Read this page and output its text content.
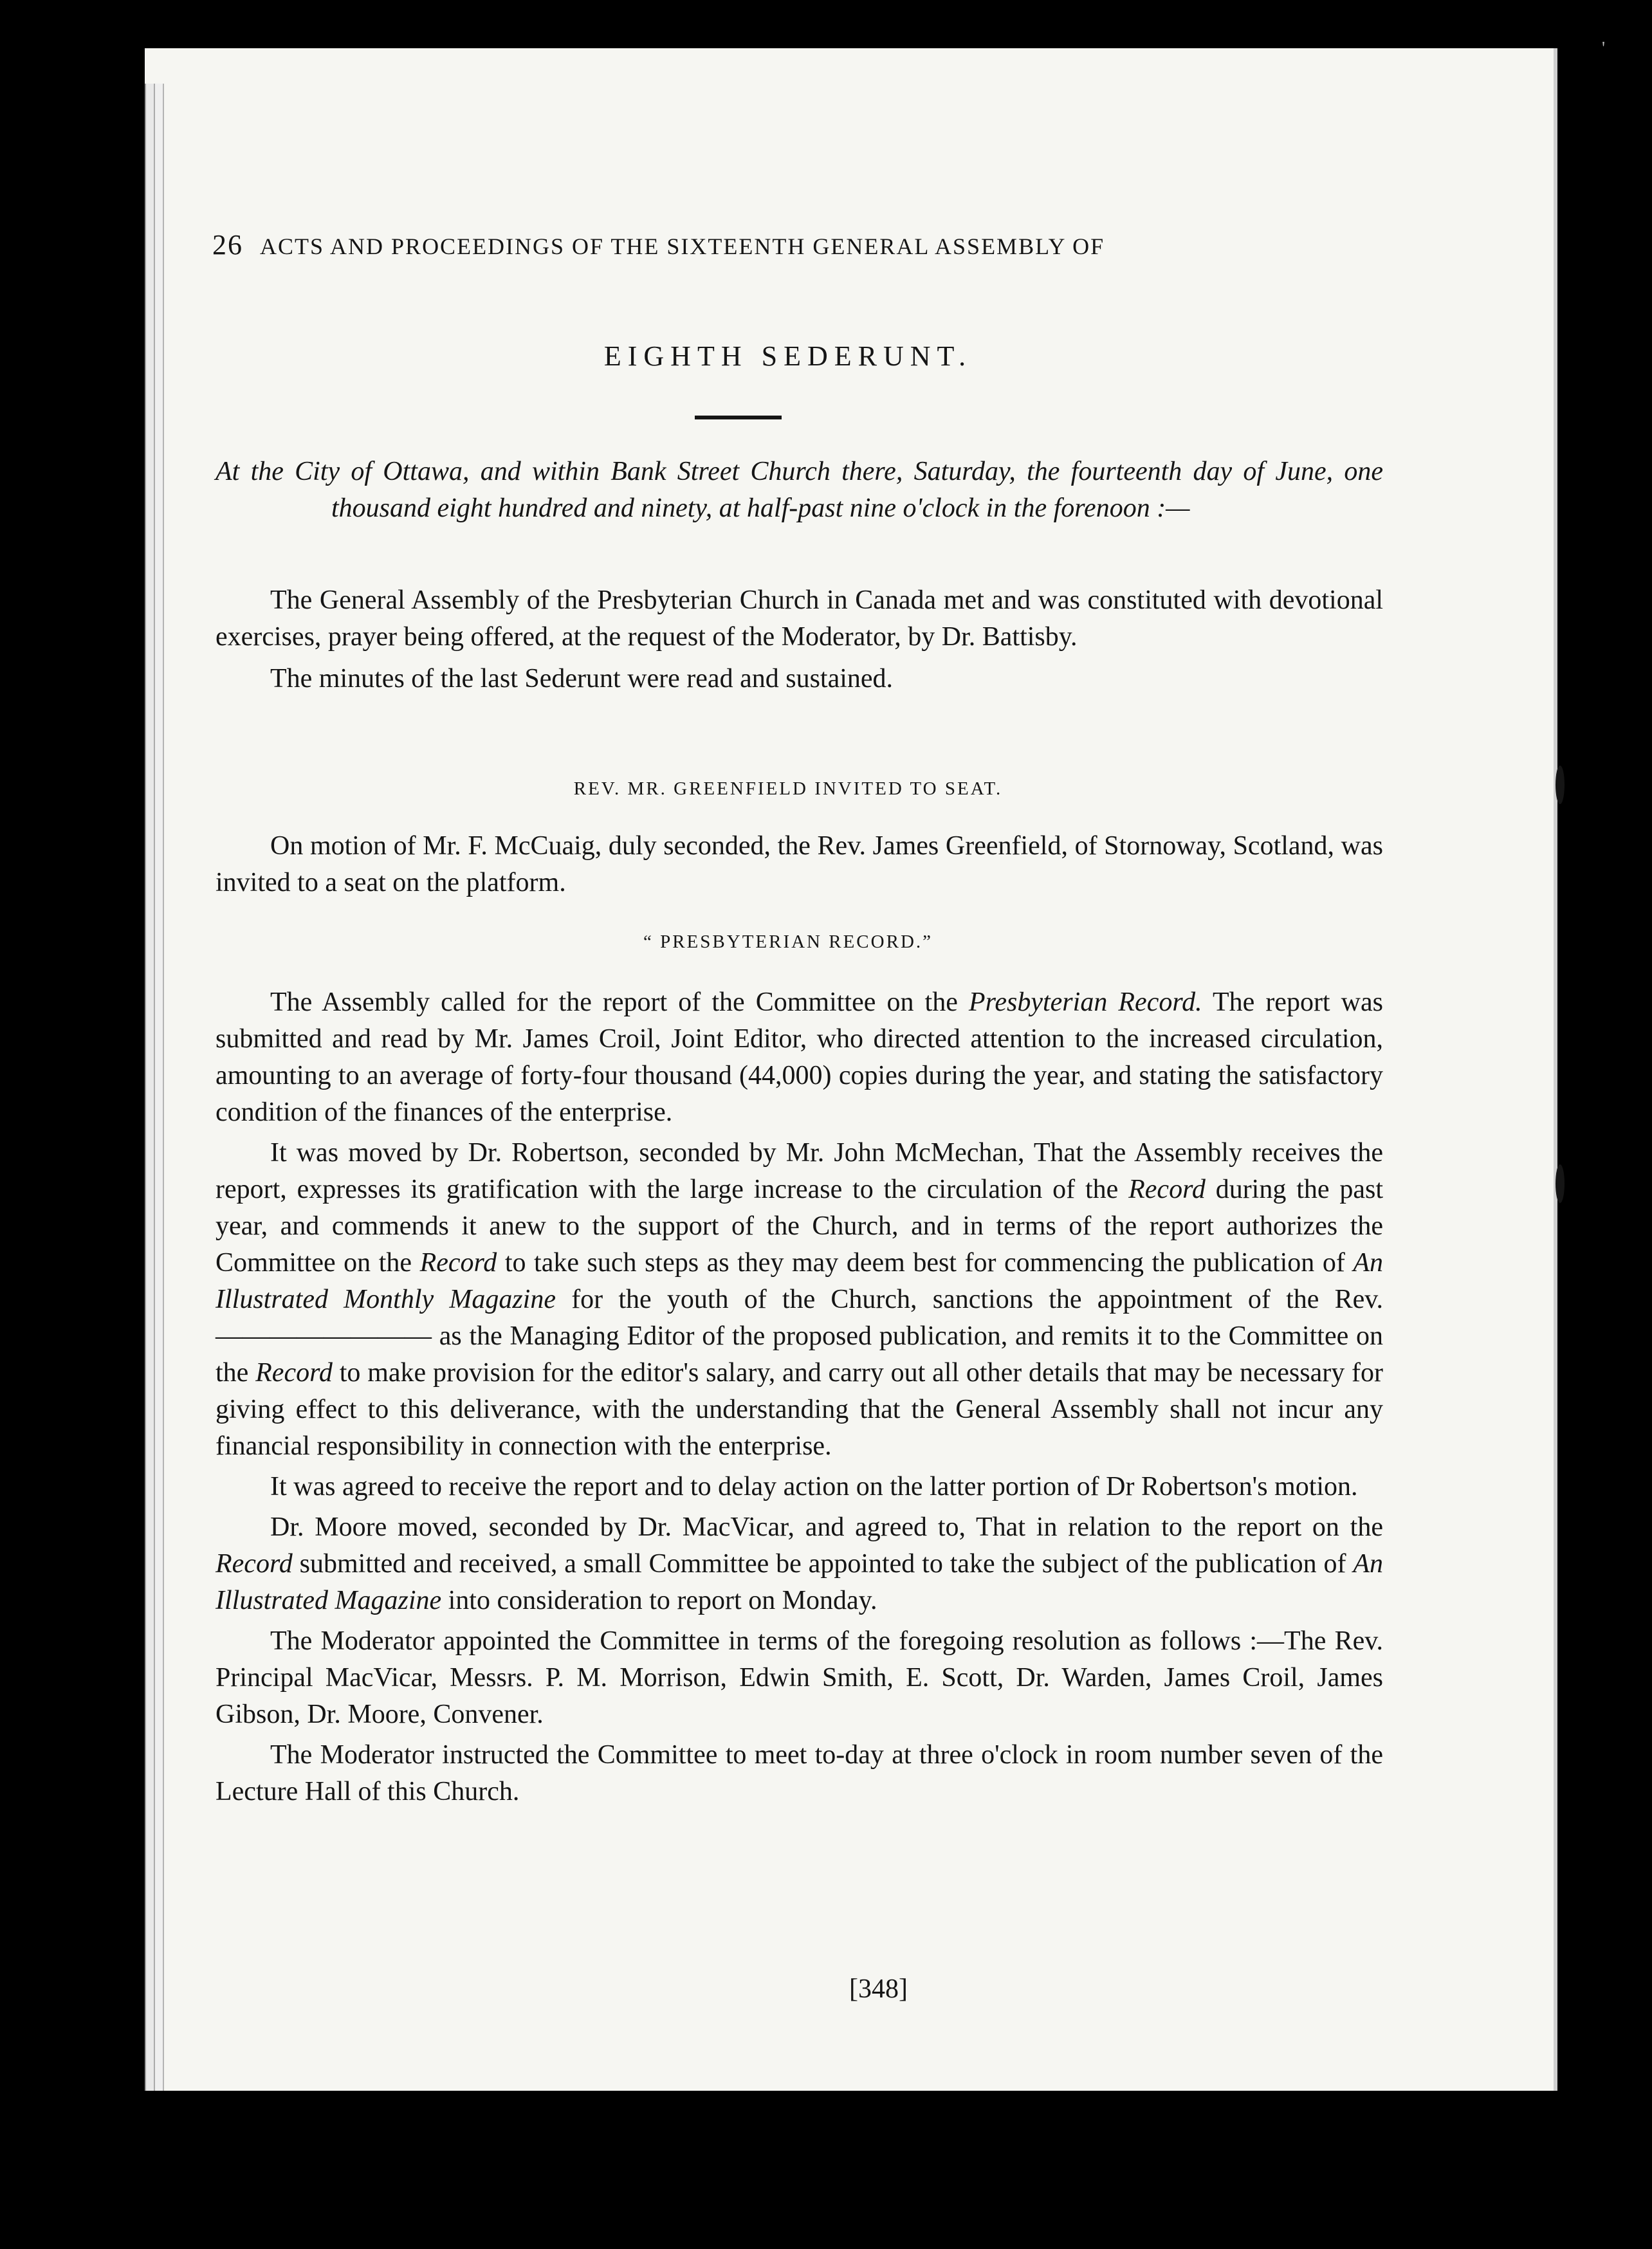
'
26 ACTS AND PROCEEDINGS OF THE SIXTEENTH GENERAL ASSEMBLY OF
EIGHTH SEDERUNT.

At the City of Ottawa, and within Bank Street Church there, Saturday, the fourteenth day of June, one thousand eight hundred and ninety, at half-past nine o'clock in the forenoon :—

The General Assembly of the Presbyterian Church in Canada met and was constituted with devotional exercises, prayer being offered, at the request of the Moderator, by Dr. Battisby.

The minutes of the last Sederunt were read and sustained.

REV. MR. GREENFIELD INVITED TO SEAT.

On motion of Mr. F. McCuaig, duly seconded, the Rev. James Greenfield, of Stornoway, Scotland, was invited to a seat on the platform.

“ PRESBYTERIAN RECORD.”

The Assembly called for the report of the Committee on the Presbyterian Record. The report was submitted and read by Mr. James Croil, Joint Editor, who directed attention to the increased circulation, amounting to an average of forty-four thousand (44,000) copies during the year, and stating the satisfactory condition of the finances of the enterprise.

It was moved by Dr. Robertson, seconded by Mr. John McMechan, That the Assembly receives the report, expresses its gratification with the large increase to the circulation of the Record during the past year, and commends it anew to the support of the Church, and in terms of the report authorizes the Committee on the Record to take such steps as they may deem best for commencing the publication of An Illustrated Monthly Magazine for the youth of the Church, sanctions the appointment of the Rev. ———————— as the Managing Editor of the proposed publication, and remits it to the Committee on the Record to make provision for the editor's salary, and carry out all other details that may be necessary for giving effect to this deliverance, with the understanding that the General Assembly shall not incur any financial responsibility in connection with the enterprise.

It was agreed to receive the report and to delay action on the latter portion of Dr Robertson's motion.

Dr. Moore moved, seconded by Dr. MacVicar, and agreed to, That in relation to the report on the Record submitted and received, a small Committee be appointed to take the subject of the publication of An Illustrated Magazine into consideration to report on Monday.

The Moderator appointed the Committee in terms of the foregoing resolution as follows :—The Rev. Principal MacVicar, Messrs. P. M. Morrison, Edwin Smith, E. Scott, Dr. Warden, James Croil, James Gibson, Dr. Moore, Convener.

The Moderator instructed the Committee to meet to-day at three o'clock in room number seven of the Lecture Hall of this Church.

[348]
